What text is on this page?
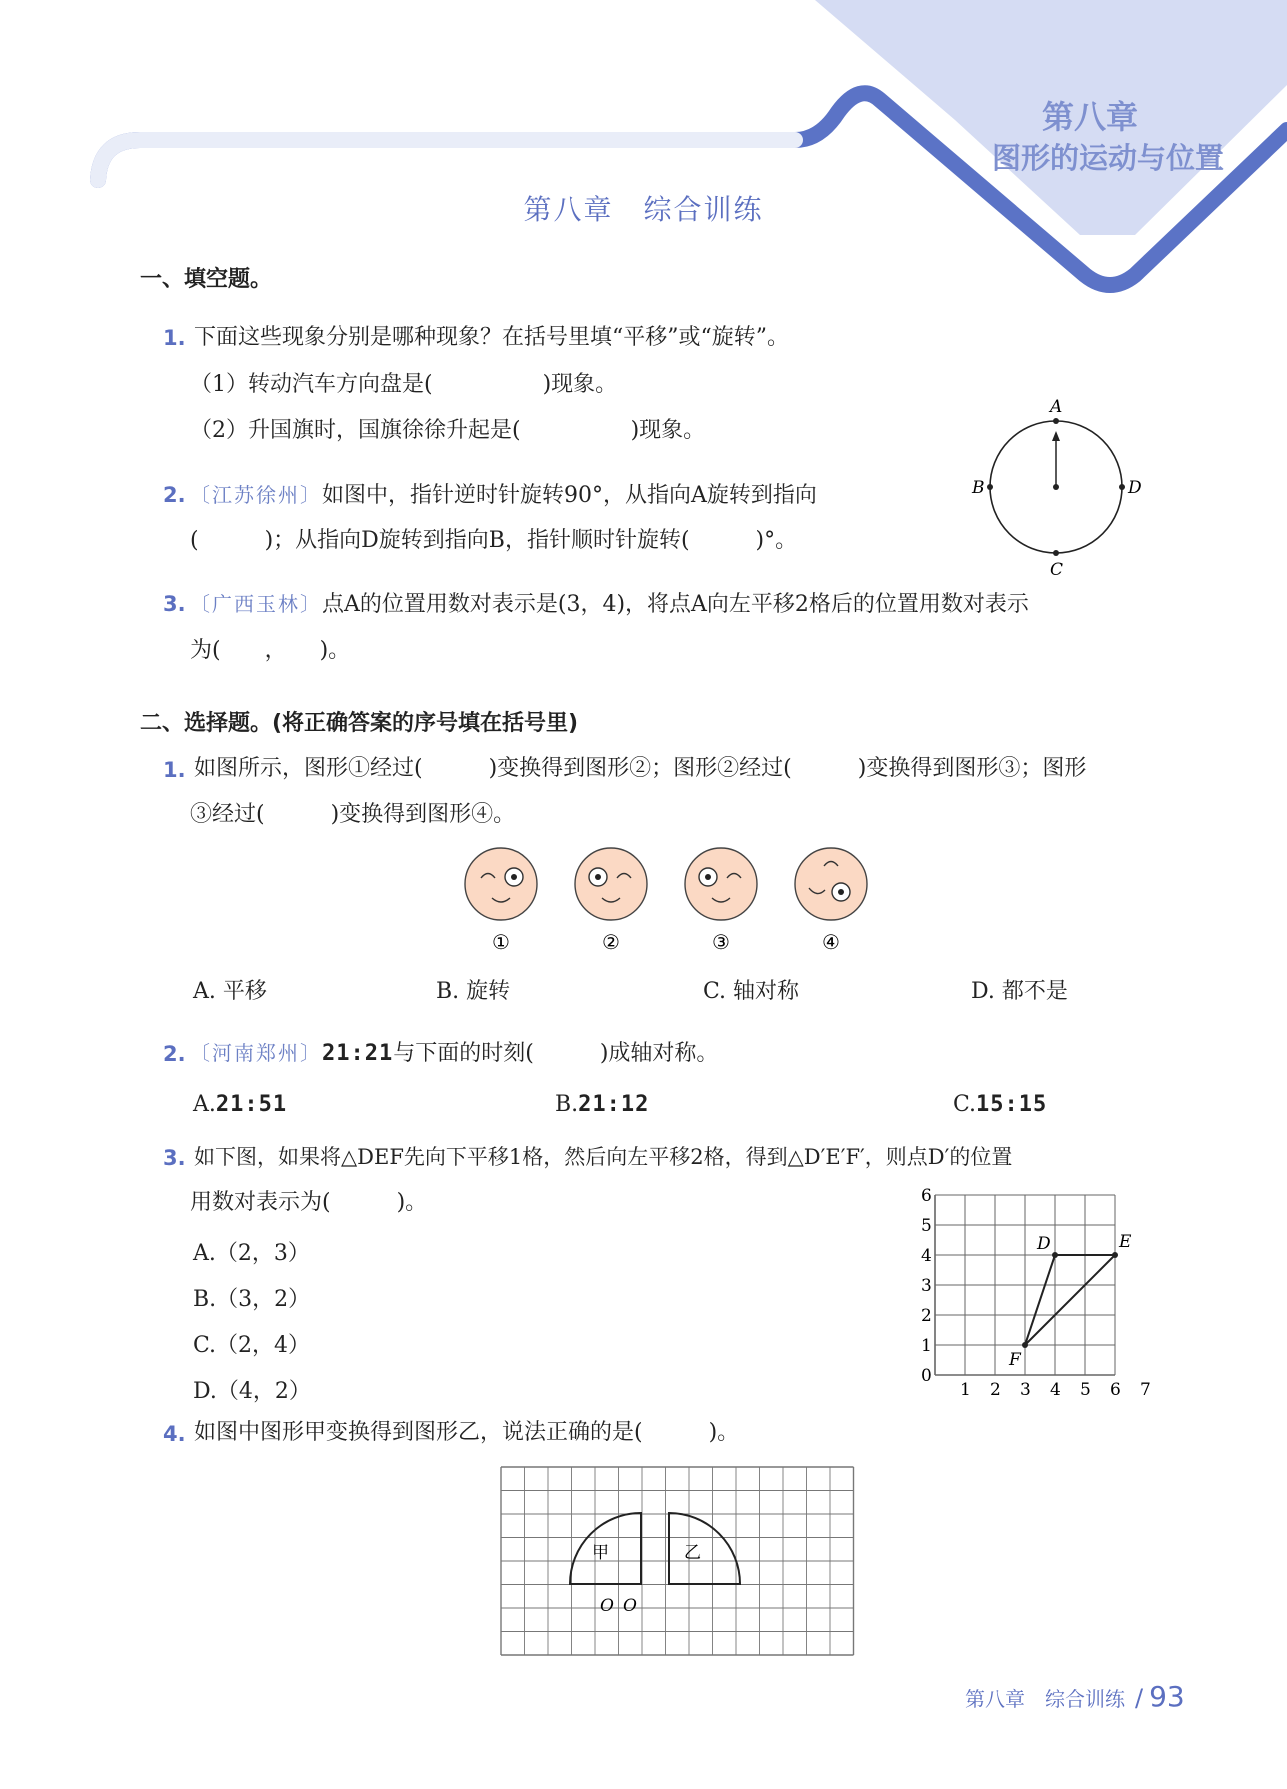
第八章
图形的运动与位置
第八章　综合训练
一、填空题。
1. 下面这些现象分别是哪种现象？在括号里填“平移”或“旋转”。
（1）转动汽车方向盘是(　　　　　)现象。
（2）升国旗时，国旗徐徐升起是(　　　　　)现象。
2. 〔江苏徐州〕如图中，指针逆时针旋转90°，从指向A旋转到指向
(　　　)；从指向D旋转到指向B，指针顺时针旋转(　　　)°。
A
B
C
D
3. 〔广西玉林〕点A的位置用数对表示是(3，4)，将点A向左平移2格后的位置用数对表示
为(　　，　　)。
二、选择题。(将正确答案的序号填在括号里)
1. 如图所示，图形①经过(　　　)变换得到图形②；图形②经过(　　　)变换得到图形③；图形
③经过(　　　)变换得到图形④。
①	②	③	④
A. 平移	B. 旋转	C. 轴对称	D. 都不是
2. 〔河南郑州〕21:21与下面的时刻(　　　)成轴对称。
A.21:51	B.21:12	C.15:15
3. 如下图，如果将△DEF先向下平移1格，然后向左平移2格，得到△D′E′F′，则点D′的位置
用数对表示为(　　　)。
A.（2，3）
B.（3，2）
C.（2，4）
D.（4，2）
0
1
2
3
4
5
6
1 2 3 4 5 6 7
D	E
F
4. 如图中图形甲变换得到图形乙，说法正确的是(　　　)。
甲	乙
O O
第八章　综合训练 / 93
